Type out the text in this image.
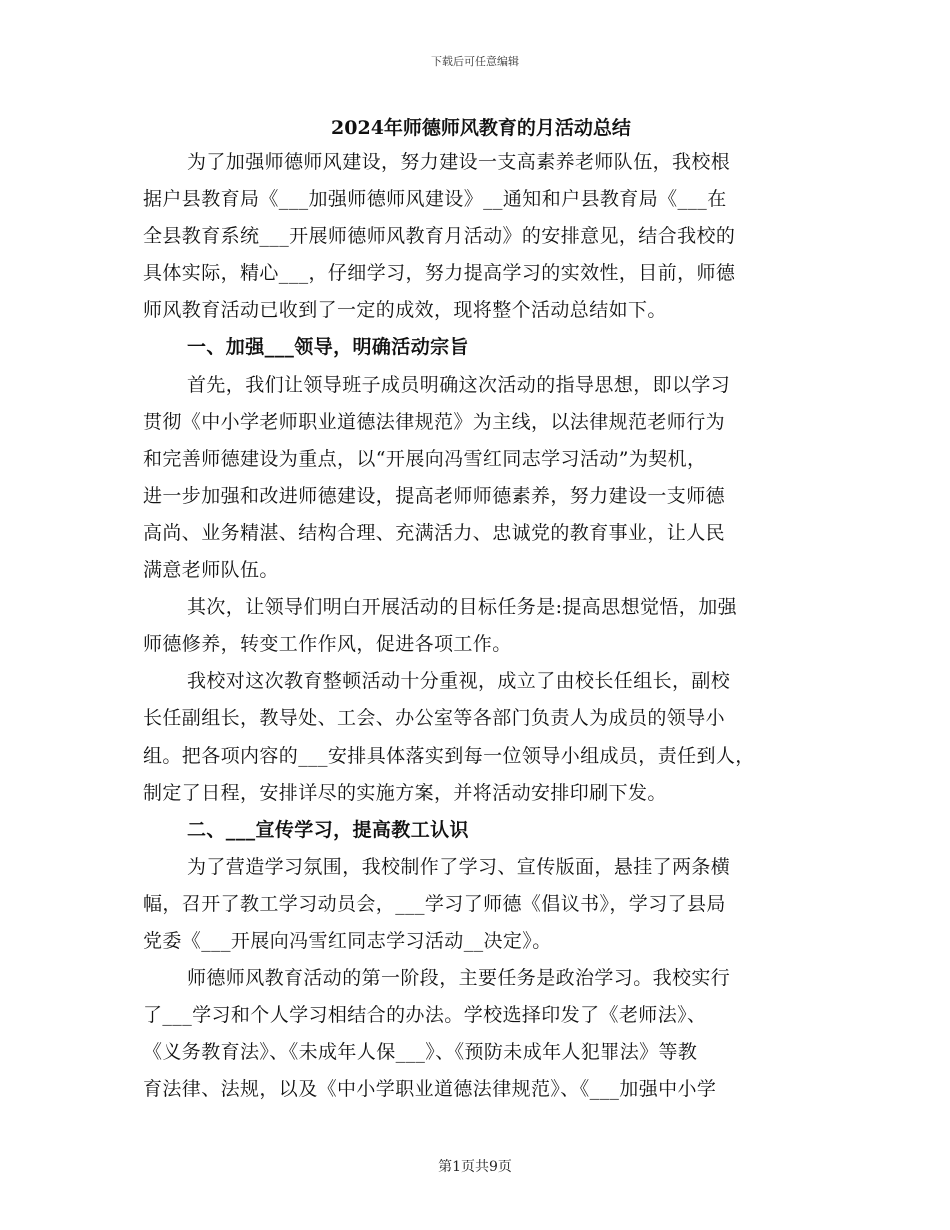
下载后可任意编辑
2024年师德师风教育的月活动总结
为了加强师德师风建设，努力建设一支高素养老师队伍，我校根
据户县教育局《___加强师德师风建设》__通知和户县教育局《___在
全县教育系统___开展师德师风教育月活动》的安排意见，结合我校的
具体实际，精心___，仔细学习，努力提高学习的实效性，目前，师德
师风教育活动已收到了一定的成效，现将整个活动总结如下。
一、加强___领导，明确活动宗旨
首先，我们让领导班子成员明确这次活动的指导思想，即以学习
贯彻《中小学老师职业道德法律规范》为主线，以法律规范老师行为
和完善师德建设为重点，以“开展向冯雪红同志学习活动”为契机，
进一步加强和改进师德建设，提高老师师德素养，努力建设一支师德
高尚、业务精湛、结构合理、充满活力、忠诚党的教育事业，让人民
满意老师队伍。
其次，让领导们明白开展活动的目标任务是:提高思想觉悟，加强
师德修养，转变工作作风，促进各项工作。
我校对这次教育整顿活动十分重视，成立了由校长任组长，副校
长任副组长，教导处、工会、办公室等各部门负责人为成员的领导小
组。把各项内容的___安排具体落实到每一位领导小组成员，责任到人，
制定了日程，安排详尽的实施方案，并将活动安排印刷下发。
二、___宣传学习，提高教工认识
为了营造学习氛围，我校制作了学习、宣传版面，悬挂了两条横
幅，召开了教工学习动员会，___学习了师德《倡议书》，学习了县局
党委《___开展向冯雪红同志学习活动__决定》。
师德师风教育活动的第一阶段，主要任务是政治学习。我校实行
了___学习和个人学习相结合的办法。学校选择印发了《老师法》、
《义务教育法》、《未成年人保___》、《预防未成年人犯罪法》等教
育法律、法规，以及《中小学职业道德法律规范》、《___加强中小学
第1页共9页
